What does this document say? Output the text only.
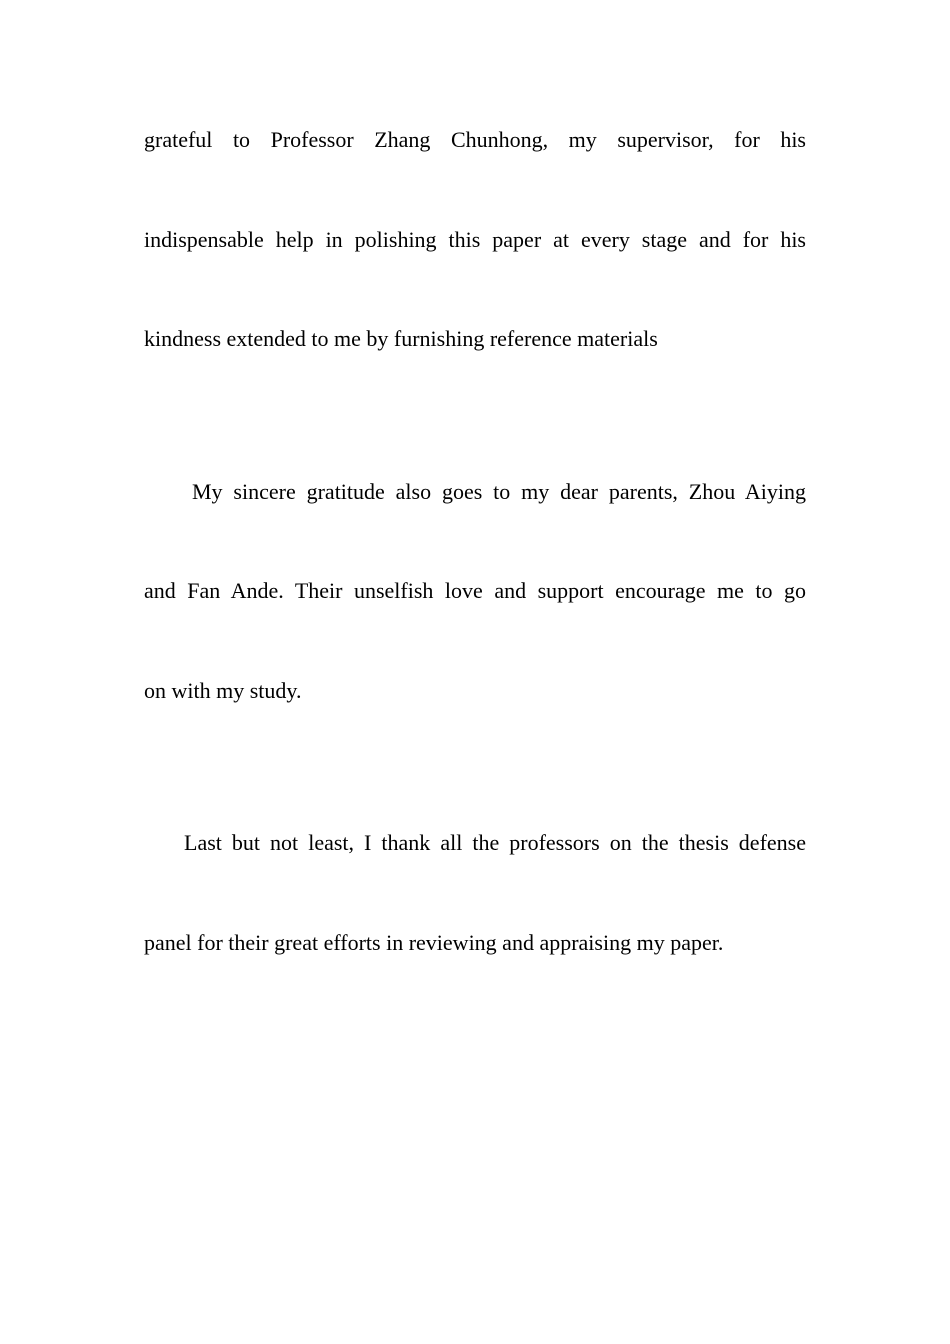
grateful to Professor Zhang Chunhong, my supervisor, for his
indispensable help in polishing this paper at every stage and for his
kindness extended to me by furnishing reference materials
My sincere gratitude also goes to my dear parents, Zhou Aiying
and Fan Ande. Their unselfish love and support encourage me to go
on with my study.
Last but not least, I thank all the professors on the thesis defense
panel for their great efforts in reviewing and appraising my paper.
